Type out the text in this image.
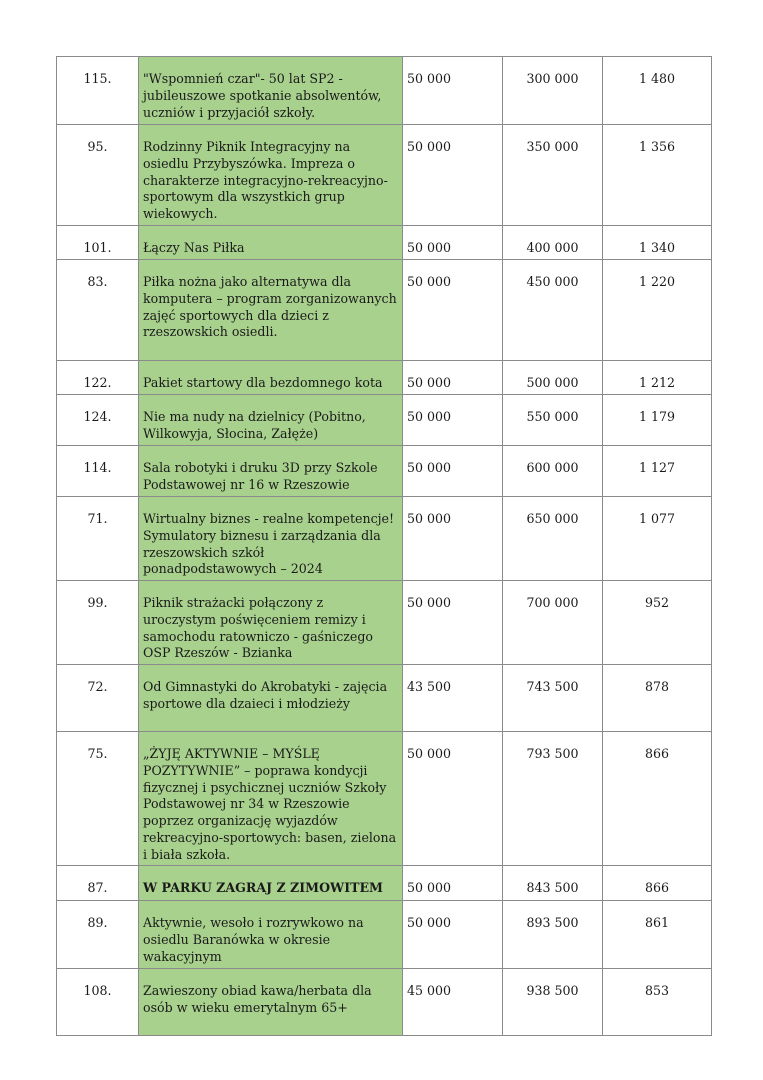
115.	"Wspomnień czar"- 50 lat SP2 - jubileuszowe spotkanie absolwentów, uczniów i przyjaciół szkoły.	50 000	300 000	1 480
95.	Rodzinny Piknik Integracyjny na osiedlu Przybyszówka. Impreza o charakterze integracyjno-rekreacyjno-sportowym dla wszystkich grup wiekowych.	50 000	350 000	1 356
101.	Łączy Nas Piłka	50 000	400 000	1 340
83.	Piłka nożna jako alternatywa dla komputera – program zorganizowanych zajęć sportowych dla dzieci z rzeszowskich osiedli.	50 000	450 000	1 220
122.	Pakiet startowy dla bezdomnego kota	50 000	500 000	1 212
124.	Nie ma nudy na dzielnicy (Pobitno, Wilkowyja, Słocina, Załęże)	50 000	550 000	1 179
114.	Sala robotyki i druku 3D przy Szkole Podstawowej nr 16 w Rzeszowie	50 000	600 000	1 127
71.	Wirtualny biznes - realne kompetencje! Symulatory biznesu i zarządzania dla rzeszowskich szkół ponadpodstawowych – 2024	50 000	650 000	1 077
99.	Piknik strażacki połączony z uroczystym poświęceniem remizy i samochodu ratowniczo - gaśniczego OSP Rzeszów - Bzianka	50 000	700 000	952
72.	Od Gimnastyki do Akrobatyki - zajęcia sportowe dla dzaieci i młodzieży	43 500	743 500	878
75.	„ŻYJĘ AKTYWNIE – MYŚLĘ POZYTYWNIE” – poprawa kondycji fizycznej i psychicznej uczniów Szkoły Podstawowej nr 34 w Rzeszowie poprzez organizację wyjazdów rekreacyjno-sportowych: basen, zielona i biała szkoła.	50 000	793 500	866
87.	W PARKU ZAGRAJ Z ZIMOWITEM	50 000	843 500	866
89.	Aktywnie, wesoło i rozrywkowo na osiedlu Baranówka w okresie wakacyjnym	50 000	893 500	861
108.	Zawieszony obiad kawa/herbata dla osób w wieku emerytalnym 65+	45 000	938 500	853
